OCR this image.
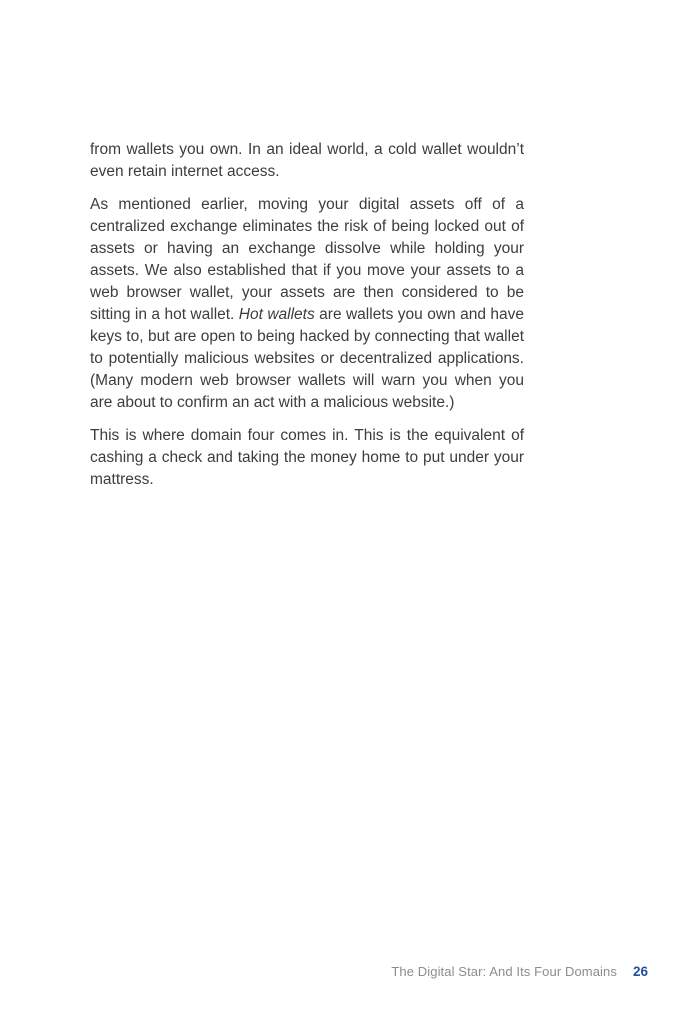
from wallets you own. In an ideal world, a cold wallet wouldn’t even retain internet access.

As mentioned earlier, moving your digital assets off of a centralized exchange eliminates the risk of being locked out of assets or having an exchange dissolve while holding your assets. We also established that if you move your assets to a web browser wallet, your assets are then considered to be sitting in a hot wallet. Hot wallets are wallets you own and have keys to, but are open to being hacked by connecting that wallet to potentially malicious websites or decentralized applications. (Many modern web browser wallets will warn you when you are about to confirm an act with a malicious website.)

This is where domain four comes in. This is the equivalent of cashing a check and taking the money home to put under your mattress.

The Digital Star: And Its Four Domains 26
